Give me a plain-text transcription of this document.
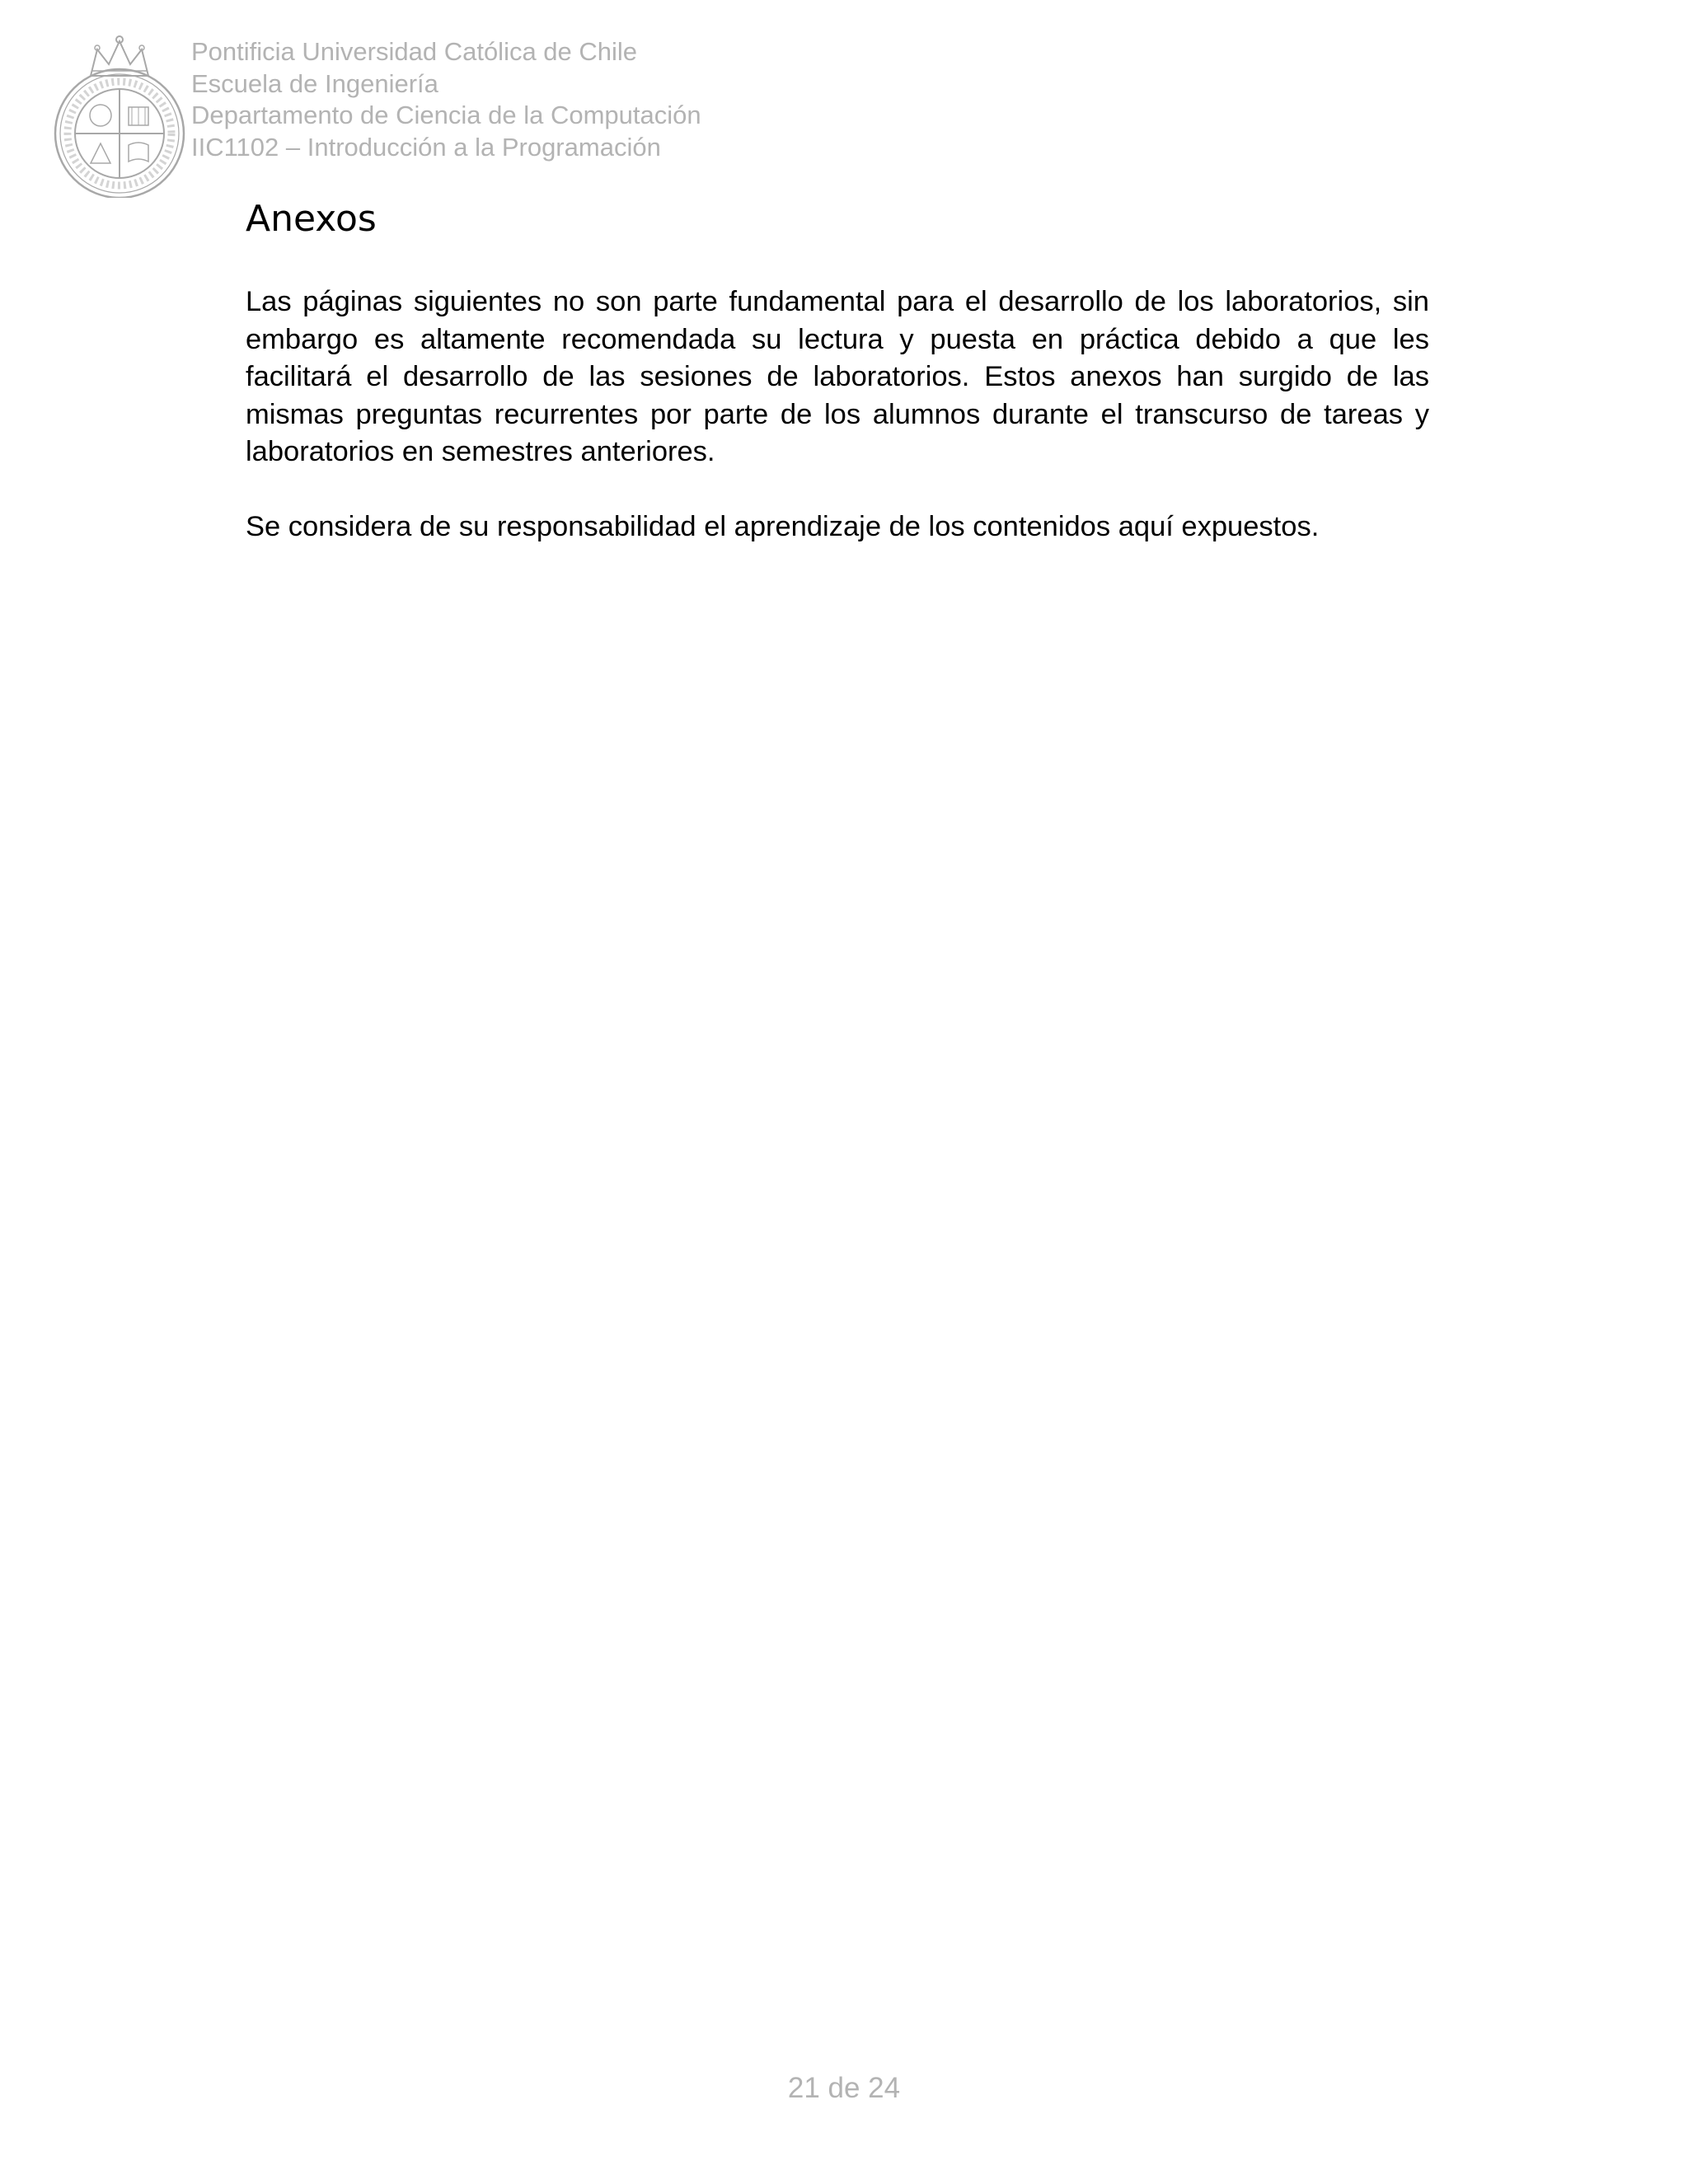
Pontificia Universidad Católica de Chile
Escuela de Ingeniería
Departamento de Ciencia de la Computación
IIC1102 – Introducción a la Programación
Anexos

Las páginas siguientes no son parte fundamental para el desarrollo de los laboratorios, sin embargo es altamente recomendada su lectura y puesta en práctica debido a que les facilitará el desarrollo de las sesiones de laboratorios. Estos anexos han surgido de las mismas preguntas recurrentes por parte de los alumnos durante el transcurso de tareas y laboratorios en semestres anteriores.

Se considera de su responsabilidad el aprendizaje de los contenidos aquí expuestos.

21 de 24
